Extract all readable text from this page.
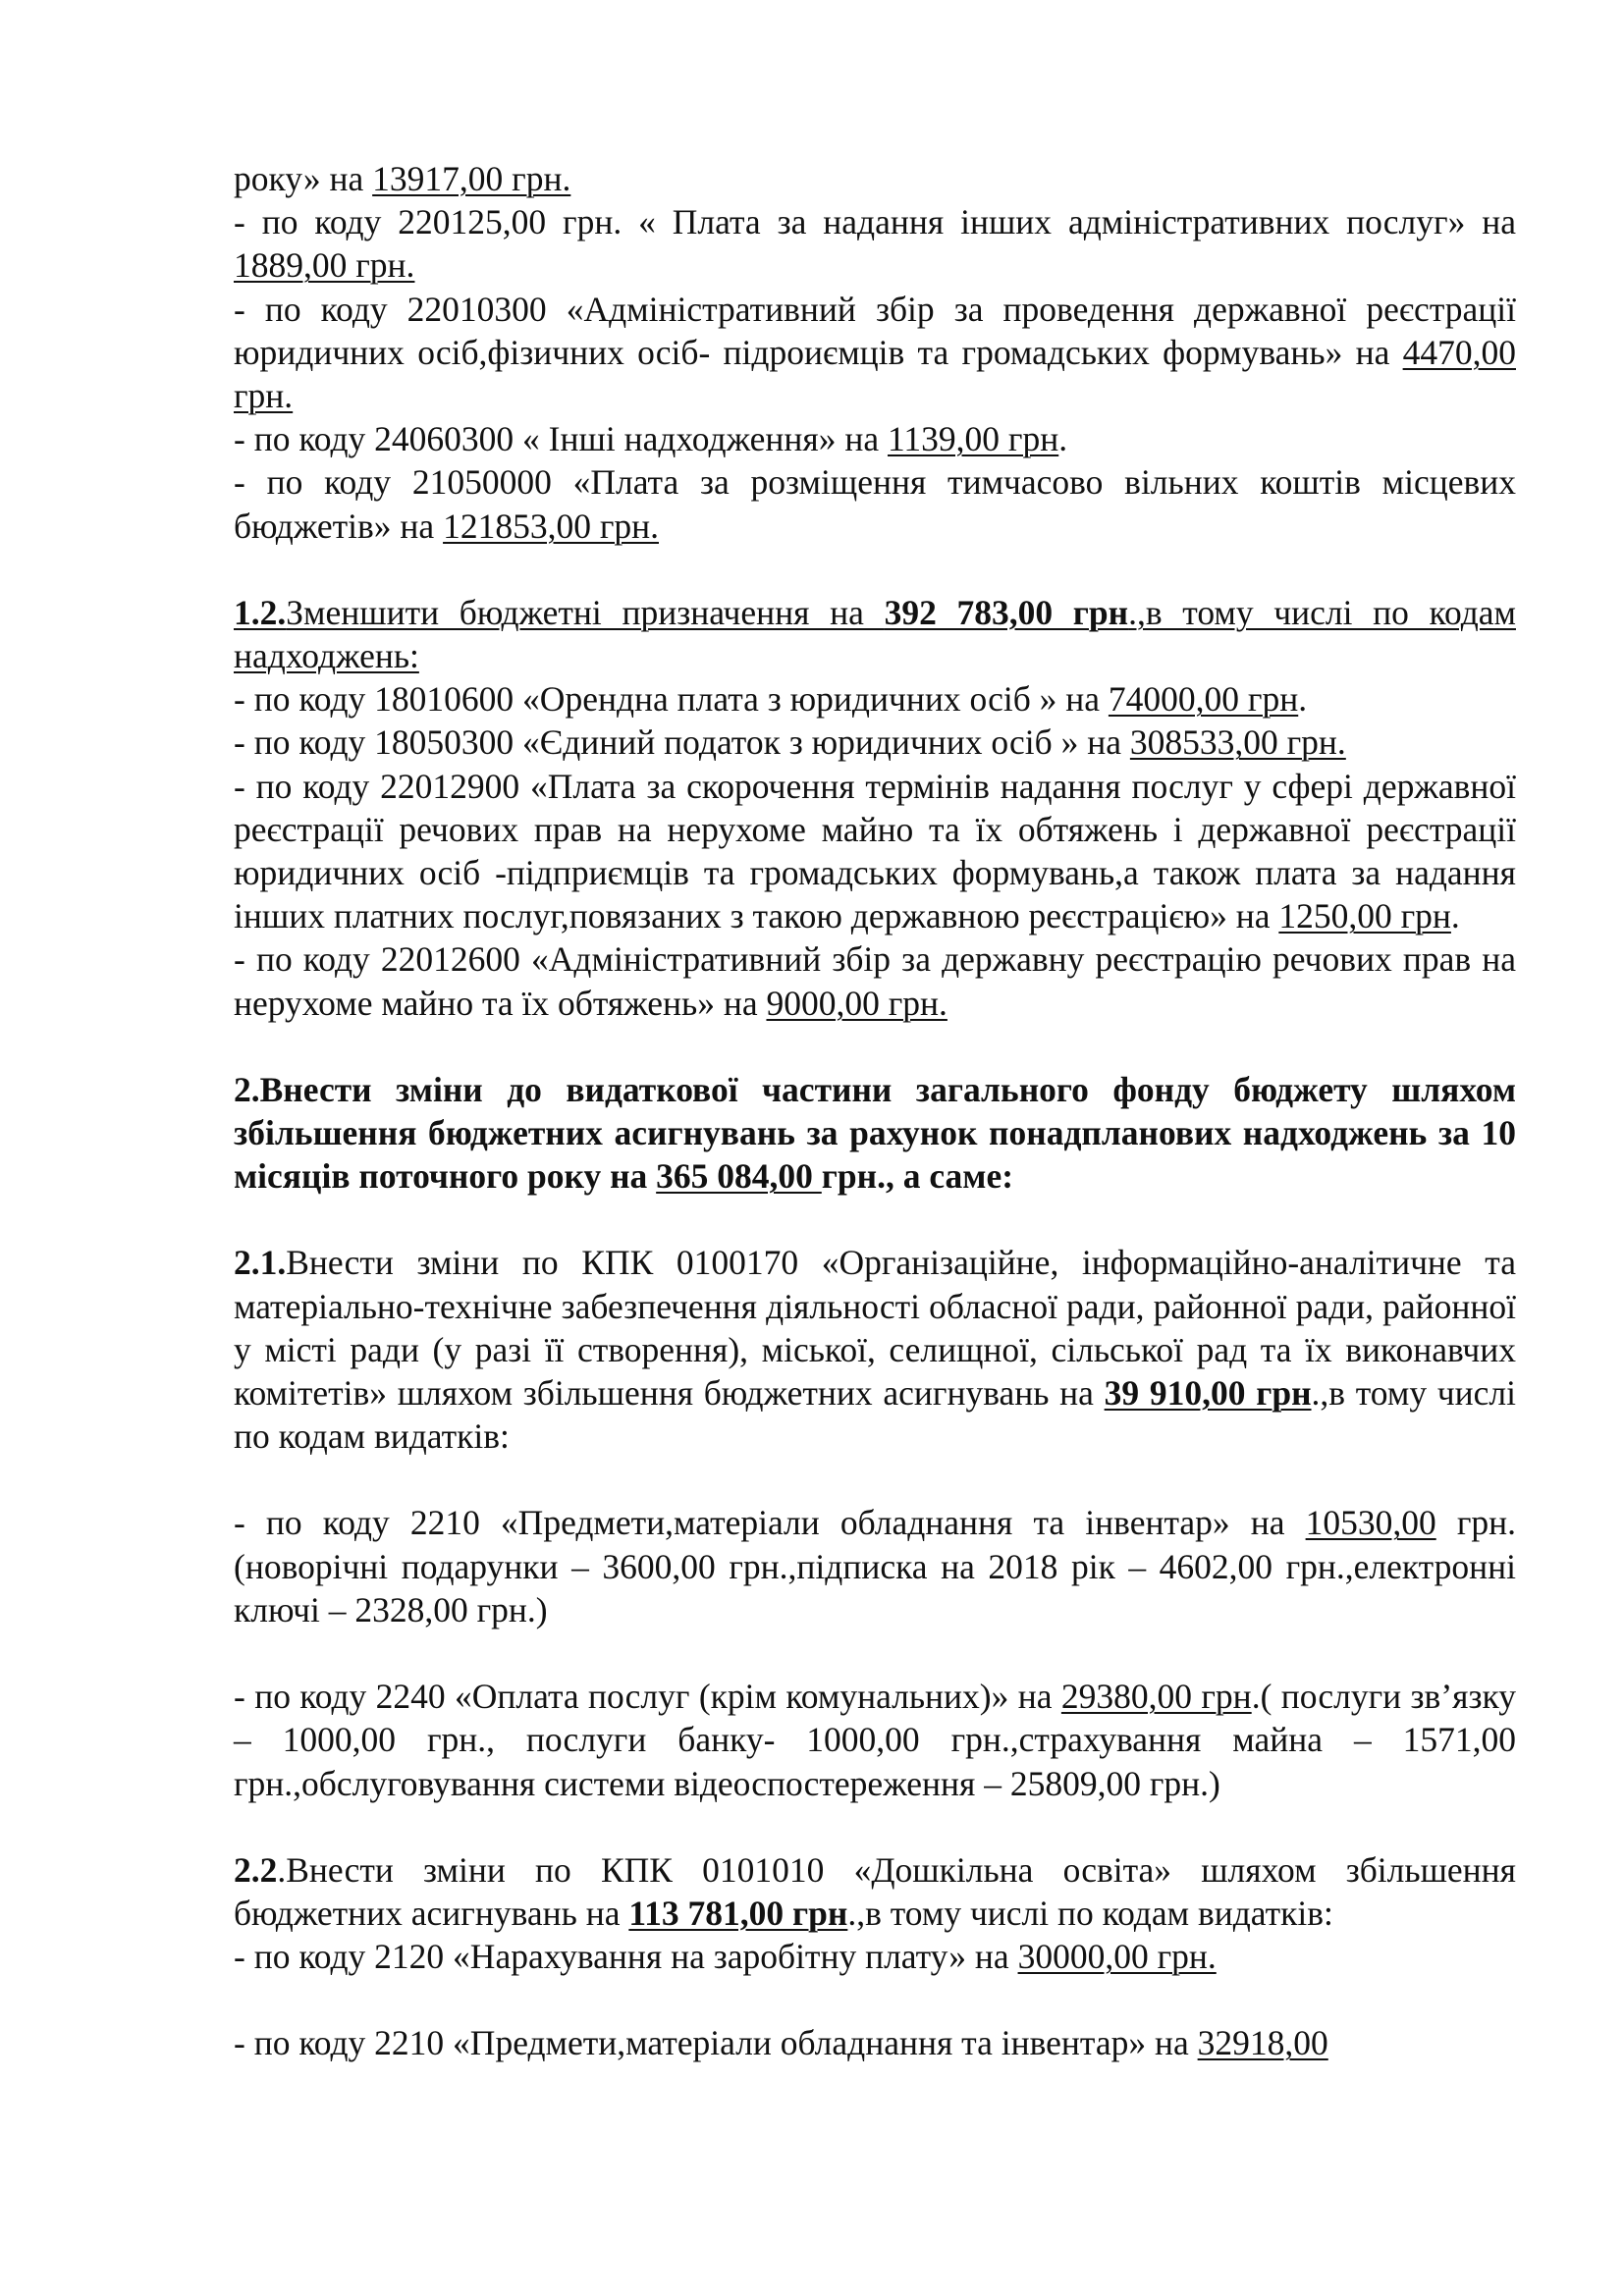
року» на 13917,00 грн.

- по коду 220125,00 грн. « Плата за надання інших адміністративних послуг» на 1889,00 грн.

- по коду 22010300 «Адміністративний збір за проведення державної реєстрації юридичних осіб,фізичних осіб- підроиємців та громадських формувань» на 4470,00 грн.

- по коду 24060300 « Інші надходження» на 1139,00 грн.

- по коду 21050000 «Плата за розміщення тимчасово вільних коштів місцевих бюджетів» на 121853,00 грн.

1.2.Зменшити бюджетні призначення на 392 783,00 грн.,в тому числі по кодам надходжень:

- по коду 18010600 «Орендна плата з юридичних осіб » на 74000,00 грн.

- по коду 18050300 «Єдиний податок з юридичних осіб » на 308533,00 грн.

- по коду 22012900 «Плата за скорочення термінів надання послуг у сфері державної реєстрації речових прав на нерухоме майно та їх обтяжень і державної реєстрації юридичних осіб -підприємців та громадських формувань,а також плата за надання інших платних послуг,повязаних з такою державною реєстрацією» на 1250,00 грн.

- по коду 22012600 «Адміністративний збір за державну реєстрацію речових прав на нерухоме майно та їх обтяжень» на 9000,00 грн.

2.Внести зміни до видаткової частини загального фонду бюджету шляхом збільшення бюджетних асигнувань за рахунок понадпланових надходжень за 10 місяців поточного року на 365 084,00 грн., а саме:

2.1.Внести зміни по КПК 0100170 «Організаційне, інформаційно-аналітичне та матеріально-технічне забезпечення діяльності обласної ради, районної ради, районної у місті ради (у разі її створення), міської, селищної, сільської рад та їх виконавчих комітетів» шляхом збільшення бюджетних асигнувань на 39 910,00 грн.,в тому числі по кодам видатків:

- по коду 2210 «Предмети,матеріали обладнання та інвентар» на 10530,00 грн.(новорічні подарунки – 3600,00 грн.,підписка на 2018 рік – 4602,00 грн.,електронні ключі – 2328,00 грн.)

- по коду 2240 «Оплата послуг (крім комунальних)» на 29380,00 грн.( послуги зв’язку – 1000,00 грн., послуги банку- 1000,00 грн.,страхування майна – 1571,00 грн.,обслуговування системи відеоспостереження – 25809,00 грн.)

2.2.Внести зміни по КПК 0101010 «Дошкільна освіта» шляхом збільшення бюджетних асигнувань на 113 781,00 грн.,в тому числі по кодам видатків:

- по коду 2120 «Нарахування на заробітну плату» на 30000,00 грн.

- по коду 2210 «Предмети,матеріали обладнання та інвентар» на 32918,00
